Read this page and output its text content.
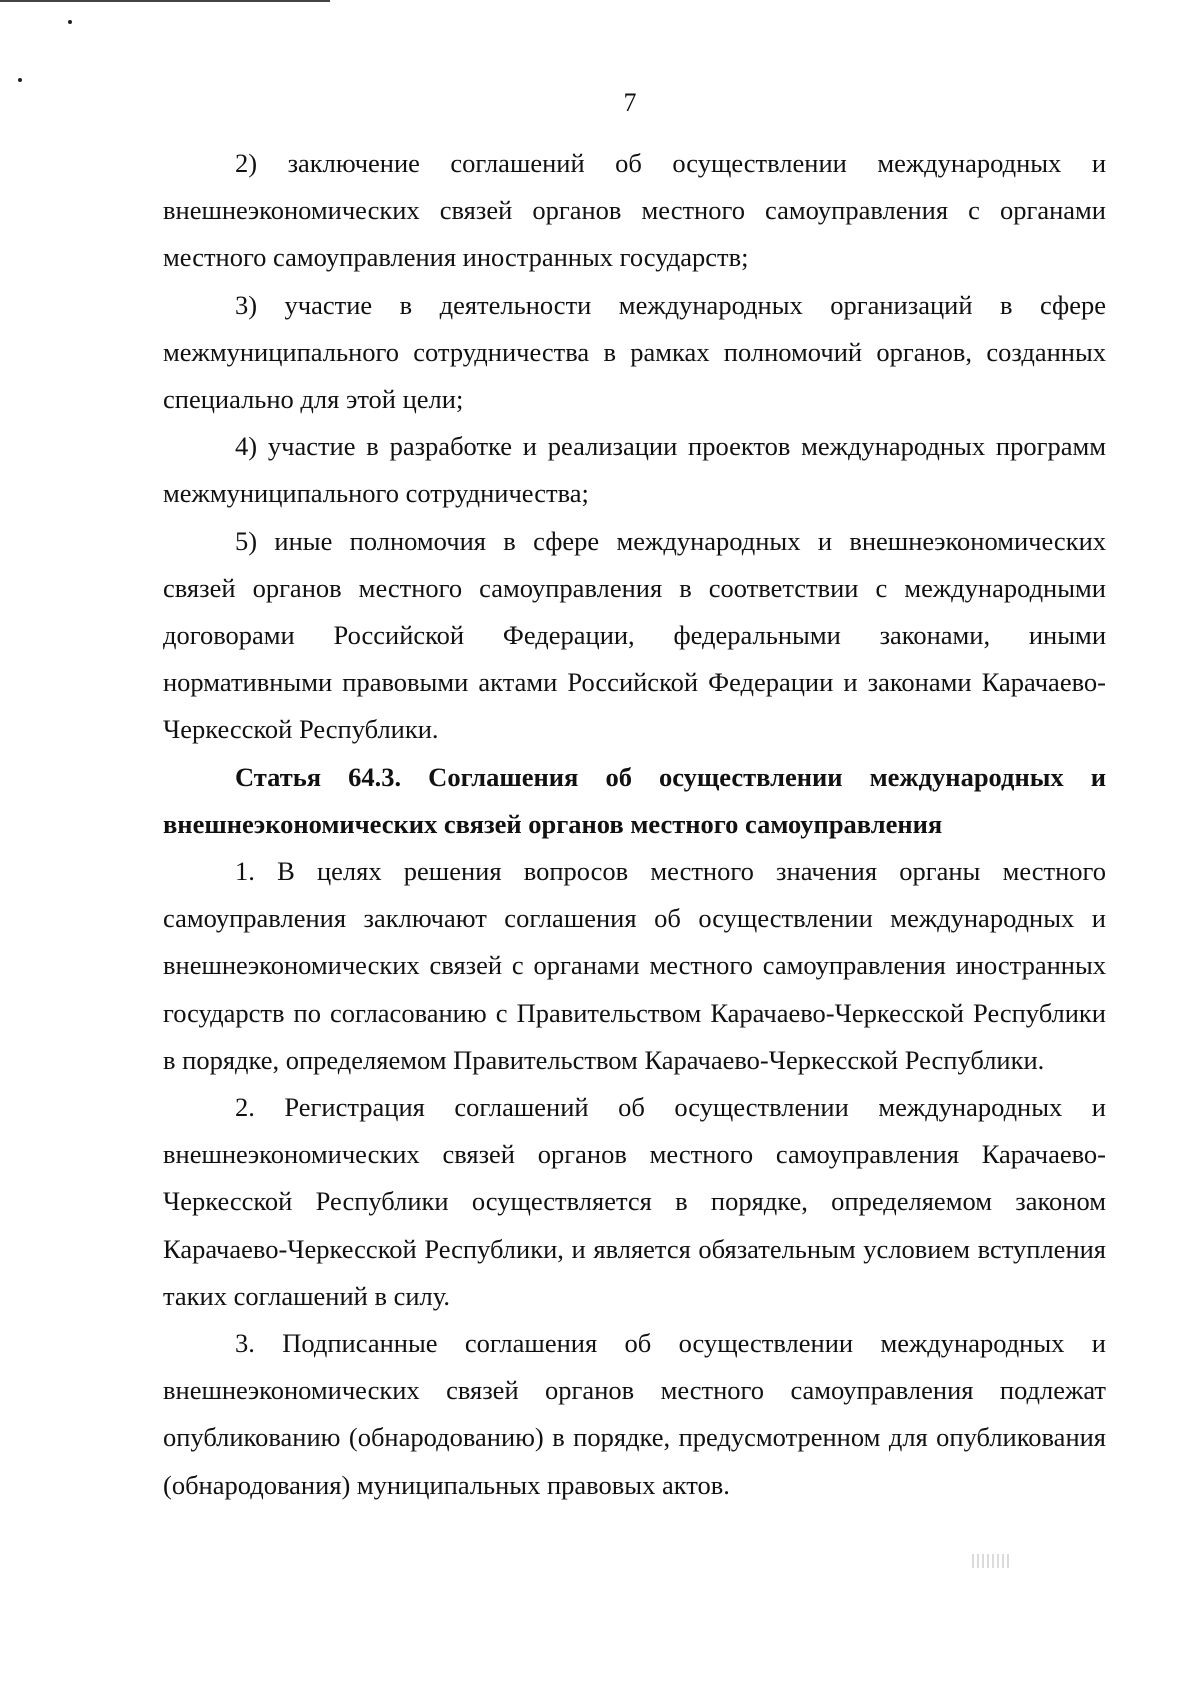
7

2) заключение соглашений об осуществлении международных и внешнеэкономических связей органов местного самоуправления с органами местного самоуправления иностранных государств;

3) участие в деятельности международных организаций в сфере межмуниципального сотрудничества в рамках полномочий органов, созданных специально для этой цели;

4) участие в разработке и реализации проектов международных программ межмуниципального сотрудничества;

5) иные полномочия в сфере международных и внешнеэкономических связей органов местного самоуправления в соответствии с международными договорами Российской Федерации, федеральными законами, иными нормативными правовыми актами Российской Федерации и законами Карачаево-Черкесской Республики.

Статья 64.3. Соглашения об осуществлении международных и внешнеэкономических связей органов местного самоуправления

1. В целях решения вопросов местного значения органы местного самоуправления заключают соглашения об осуществлении международных и внешнеэкономических связей с органами местного самоуправления иностранных государств по согласованию с Правительством Карачаево-Черкесской Республики в порядке, определяемом Правительством Карачаево-Черкесской Республики.

2. Регистрация соглашений об осуществлении международных и внешнеэкономических связей органов местного самоуправления Карачаево-Черкесской Республики осуществляется в порядке, определяемом законом Карачаево-Черкесской Республики, и является обязательным условием вступления таких соглашений в силу.

3. Подписанные соглашения об осуществлении международных и внешнеэкономических связей органов местного самоуправления подлежат опубликованию (обнародованию) в порядке, предусмотренном для опубликования (обнародования) муниципальных правовых актов.
